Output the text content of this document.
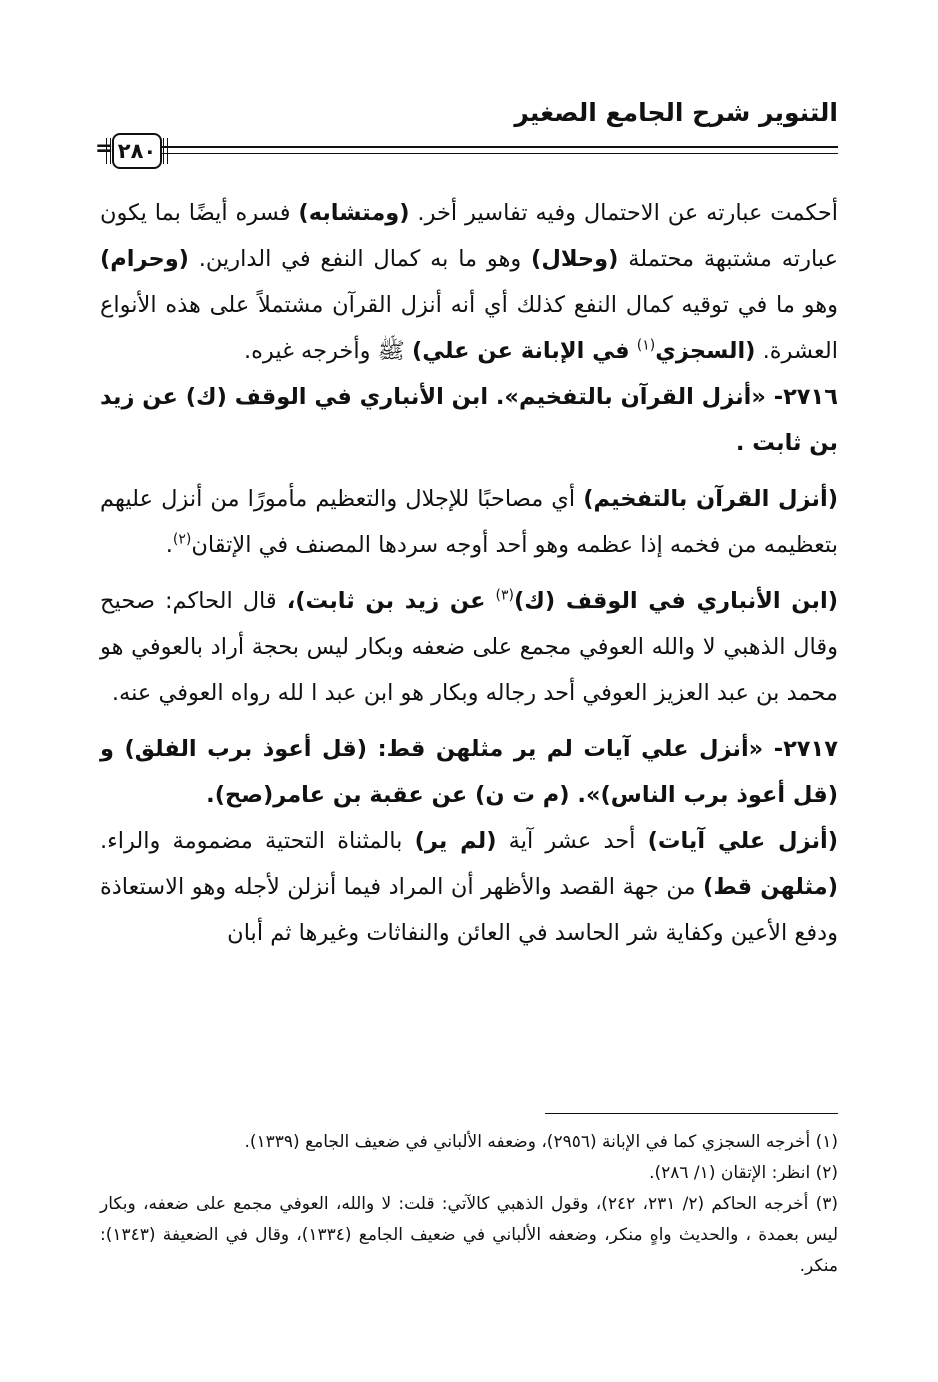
التنوير شرح الجامع الصغير
٢٨٠
=

أحكمت عبارته عن الاحتمال وفيه تفاسير أخر. (ومتشابه) فسره أيضًا بما يكون عبارته مشتبهة محتملة (وحلال) وهو ما به كمال النفع في الدارين. (وحرام) وهو ما في توقيه كمال النفع كذلك أي أنه أنزل القرآن مشتملاً على هذه الأنواع العشرة. (السجزي$^{(١)}$ في الإبانة عن علي) ﷺ وأخرجه غيره.

٢٧١٦- «أنزل القرآن بالتفخيم». ابن الأنباري في الوقف (ك) عن زيد بن ثابت .

(أنزل القرآن بالتفخيم) أي مصاحبًا للإجلال والتعظيم مأمورًا من أنزل عليهم بتعظيمه من فخمه إذا عظمه وهو أحد أوجه سردها المصنف في الإتقان$^{(٢)}$.

(ابن الأنباري في الوقف (ك)$^{(٣)}$ عن زيد بن ثابت)، قال الحاكم: صحيح وقال الذهبي لا والله العوفي مجمع على ضعفه وبكار ليس بحجة أراد بالعوفي هو محمد بن عبد العزيز العوفي أحد رجاله وبكار هو ابن عبد ا لله رواه العوفي عنه.

٢٧١٧- «أنزل علي آيات لم ير مثلهن قط: (قل أعوذ برب الفلق) و (قل أعوذ برب الناس)». (م ت ن) عن عقبة بن عامر(صح).

(أنزل علي آيات) أحد عشر آية (لم ير) بالمثناة التحتية مضمومة والراء. (مثلهن قط) من جهة القصد والأظهر أن المراد فيما أنزلن لأجله وهو الاستعاذة ودفع الأعين وكفاية شر الحاسد في العائن والنفاثات وغيرها ثم أبان

(١) أخرجه السجزي كما في الإبانة (٢٩٥٦)، وضعفه الألباني في ضعيف الجامع (١٣٣٩).

(٢) انظر: الإتقان (١/ ٢٨٦).

(٣) أخرجه الحاكم (٢/ ٢٣١، ٢٤٢)، وقول الذهبي كالآتي: قلت: لا والله، العوفي مجمع على ضعفه، وبكار ليس بعمدة ، والحديث واهٍ منكر، وضعفه الألباني في ضعيف الجامع (١٣٣٤)، وقال في الضعيفة (١٣٤٣): منكر.
